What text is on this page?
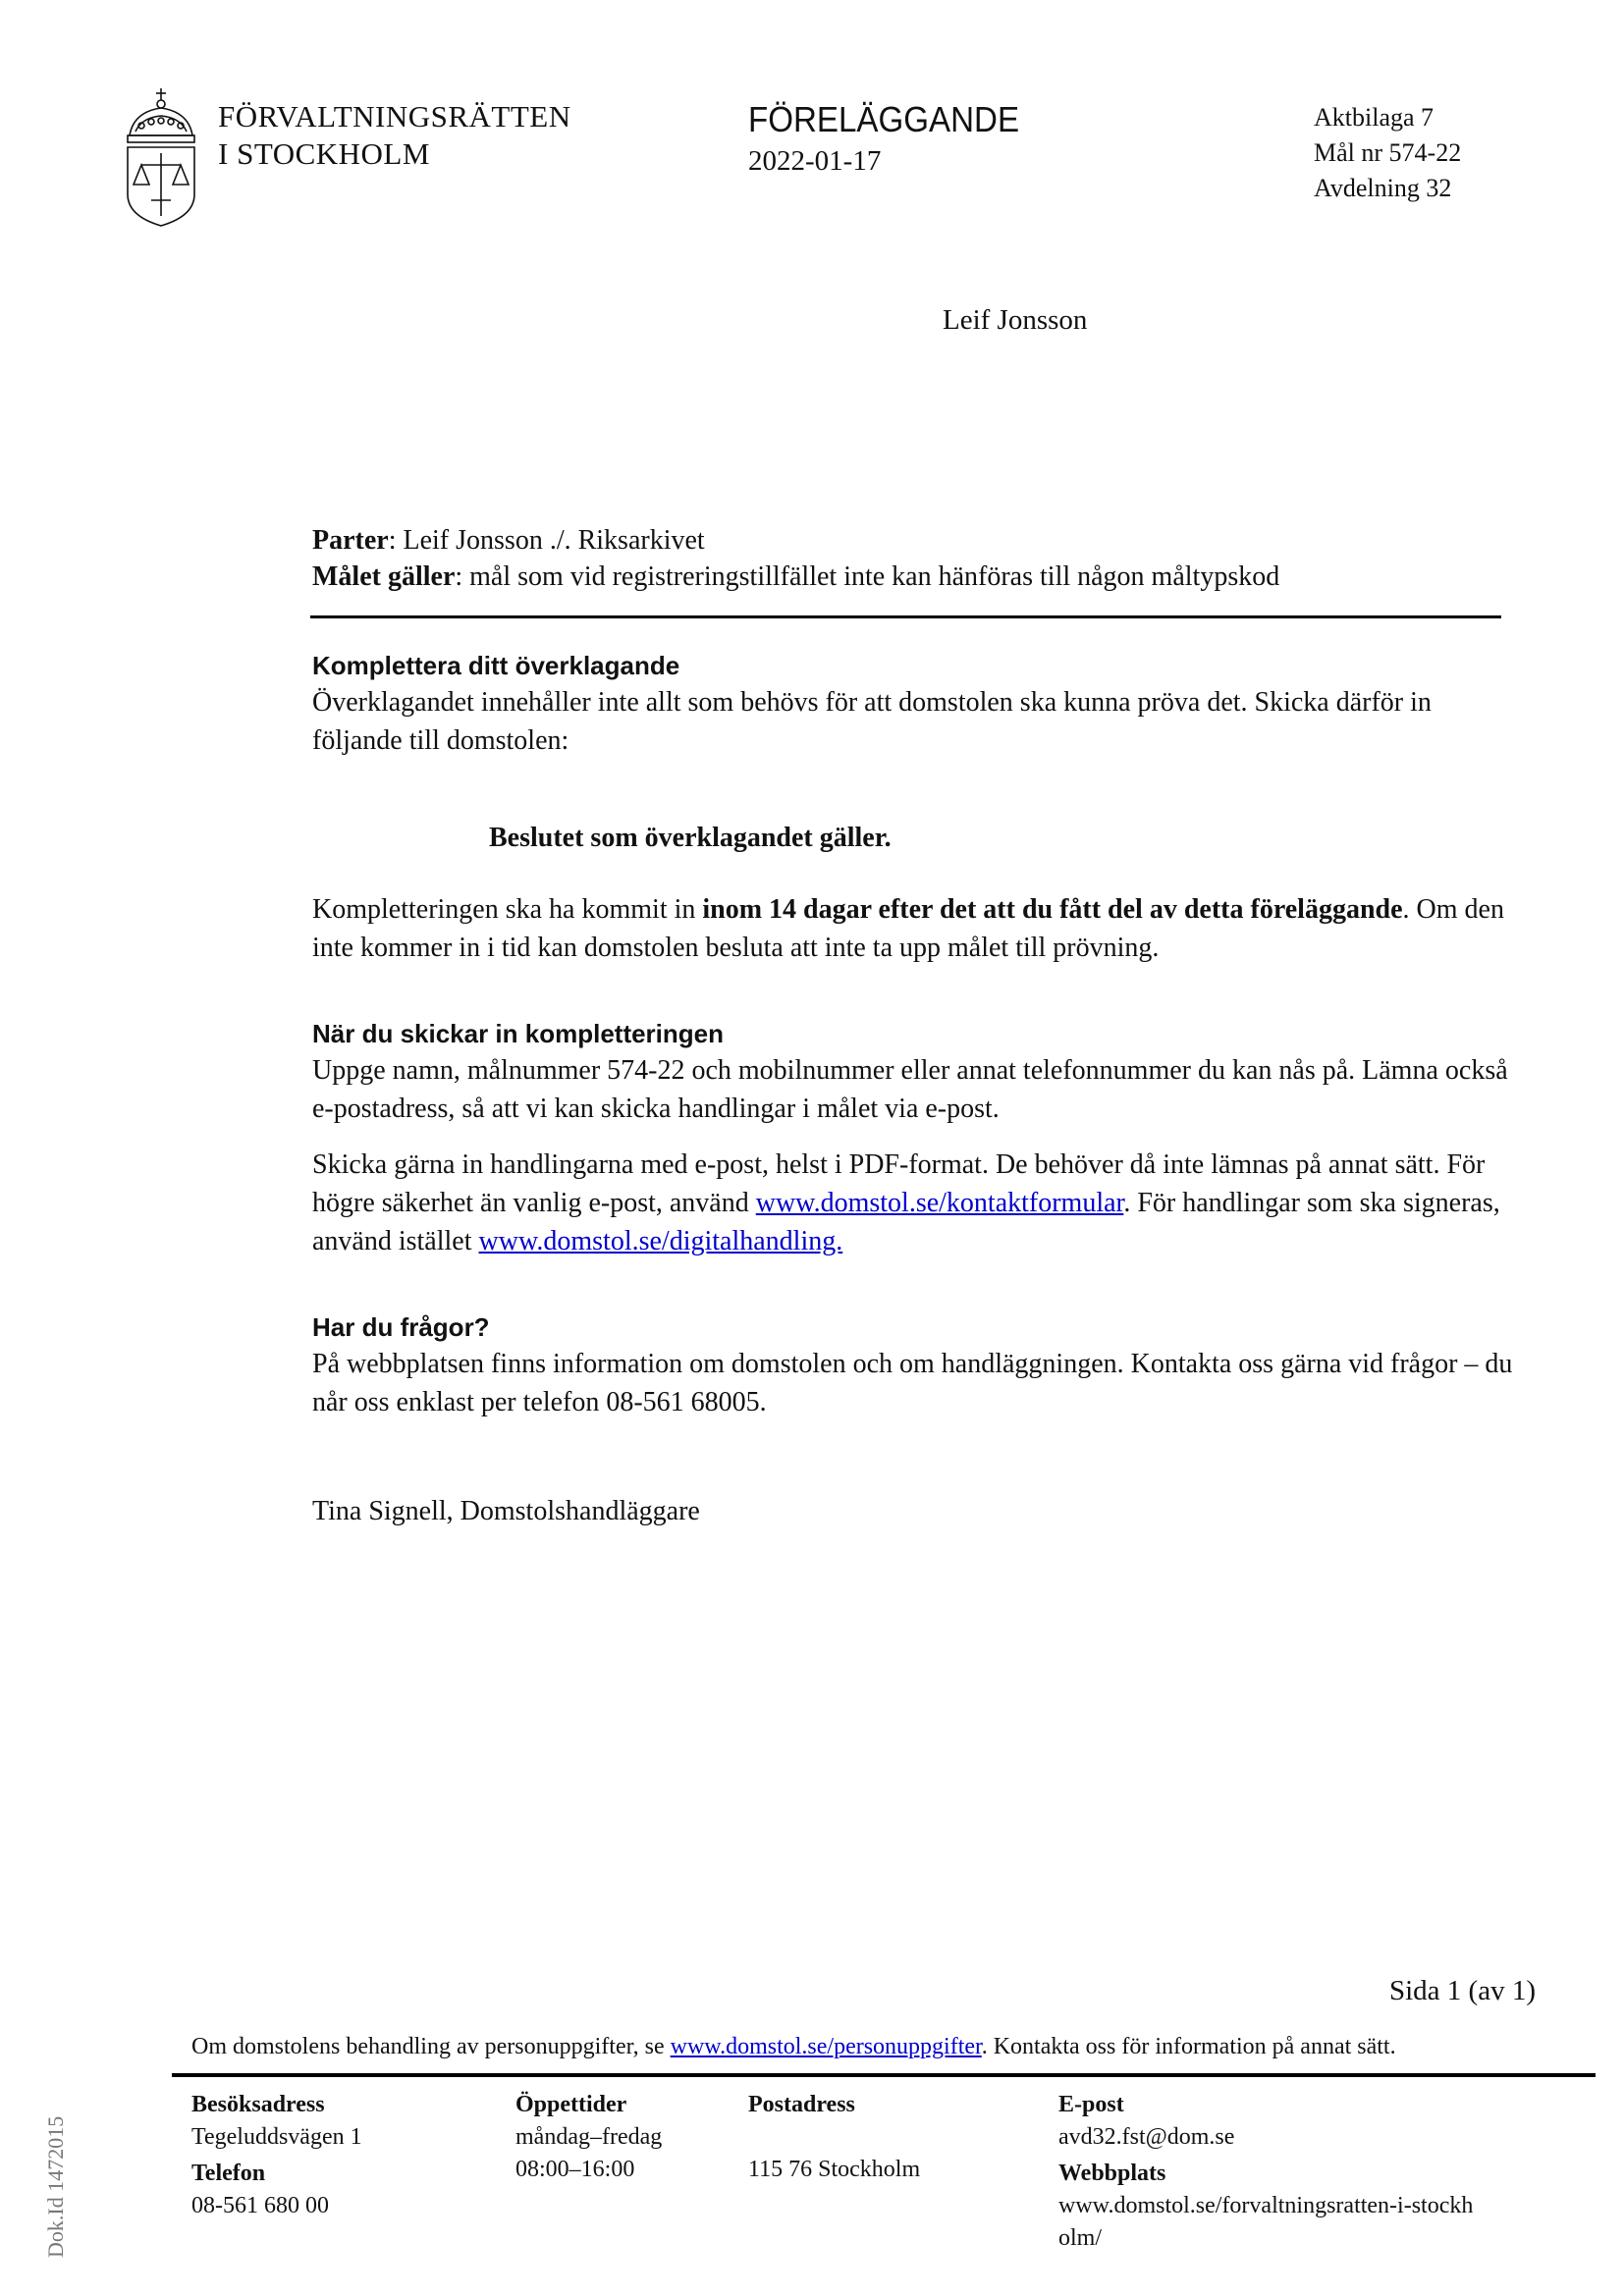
FÖRVALTNINGSRÄTTEN
I STOCKHOLM
FÖRELÄGGANDE
2022-01-17
Aktbilaga 7
Mål nr 574-22
Avdelning 32
Leif Jonsson
Parter: Leif Jonsson ./. Riksarkivet
Målet gäller: mål som vid registreringstillfället inte kan hänföras till någon måltypskod
Komplettera ditt överklagande

Överklagandet innehåller inte allt som behövs för att domstolen ska kunna pröva det. Skicka därför in följande till domstolen:

Beslutet som överklagandet gäller.

Kompletteringen ska ha kommit in inom 14 dagar efter det att du fått del av detta föreläggande. Om den inte kommer in i tid kan domstolen besluta att inte ta upp målet till prövning.

När du skickar in kompletteringen

Uppge namn, målnummer 574-22 och mobilnummer eller annat telefonnummer du kan nås på. Lämna också e-postadress, så att vi kan skicka handlingar i målet via e-post.

Skicka gärna in handlingarna med e-post, helst i PDF-format. De behöver då inte lämnas på annat sätt. För högre säkerhet än vanlig e-post, använd www.domstol.se/kontaktformular. För handlingar som ska signeras, använd istället www.domstol.se/digitalhandling.

Har du frågor?

På webbplatsen finns information om domstolen och om handläggningen. Kontakta oss gärna vid frågor – du når oss enklast per telefon 08-561 68005.

Tina Signell, Domstolshandläggare

Sida 1 (av 1)
Om domstolens behandling av personuppgifter, se www.domstol.se/personuppgifter. Kontakta oss för information på annat sätt.
Besöksadress
Tegeluddsvägen 1
Telefon
08-561 680 00
Öppettider
måndag–fredag
08:00–16:00
Postadress

115 76 Stockholm
E-post
avd32.fst@dom.se
Webbplats
www.domstol.se/forvaltningsratten-i-stockholm/
Dok.Id 1472015
